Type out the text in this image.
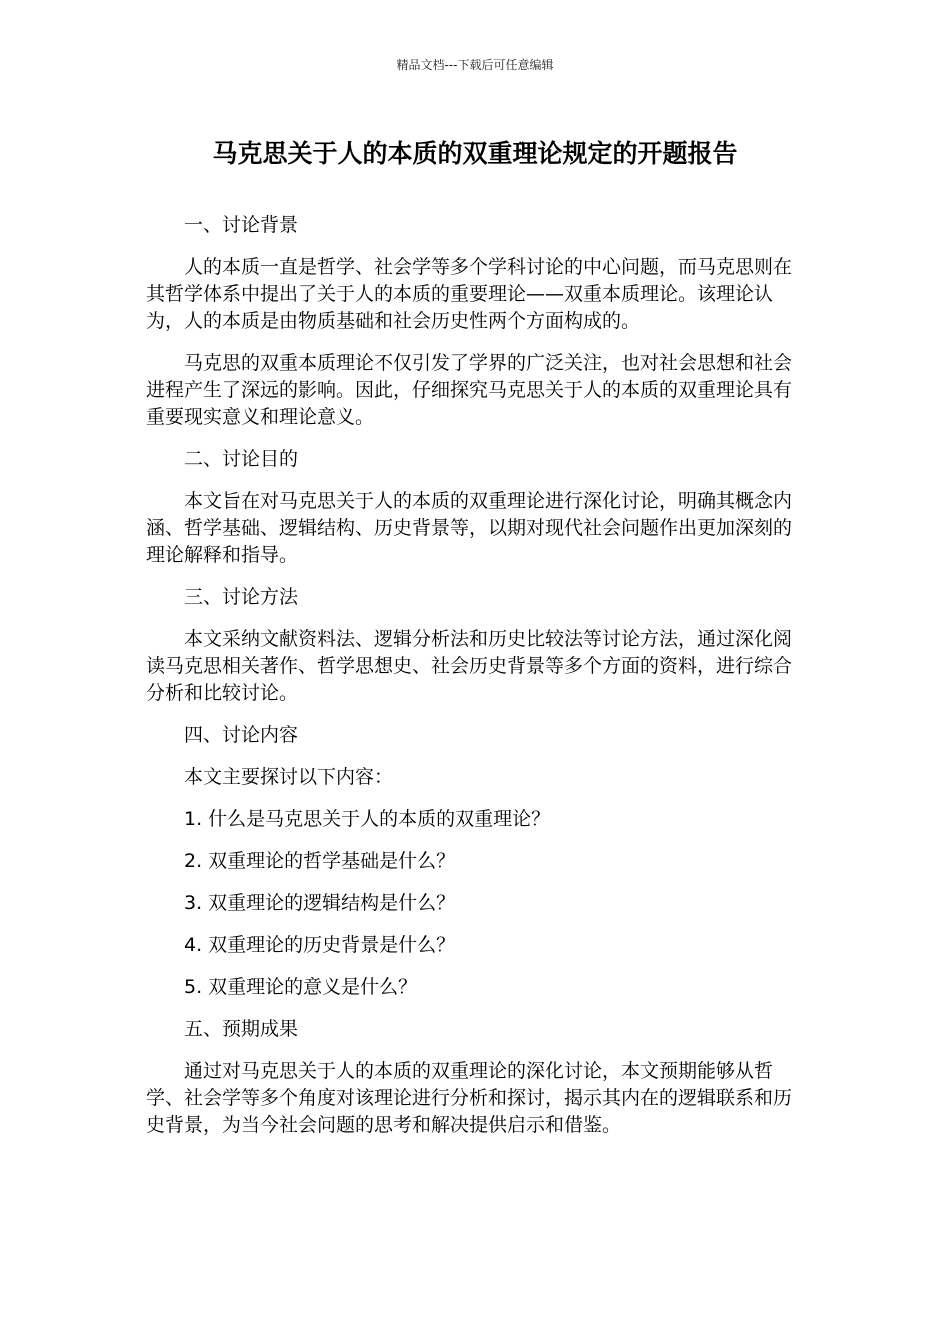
精品文档---下载后可任意编辑
马克思关于人的本质的双重理论规定的开题报告

一、讨论背景

人的本质一直是哲学、社会学等多个学科讨论的中心问题，而马克思则在其哲学体系中提出了关于人的本质的重要理论——双重本质理论。该理论认为，人的本质是由物质基础和社会历史性两个方面构成的。

马克思的双重本质理论不仅引发了学界的广泛关注，也对社会思想和社会进程产生了深远的影响。因此，仔细探究马克思关于人的本质的双重理论具有重要现实意义和理论意义。

二、讨论目的

本文旨在对马克思关于人的本质的双重理论进行深化讨论，明确其概念内涵、哲学基础、逻辑结构、历史背景等，以期对现代社会问题作出更加深刻的理论解释和指导。

三、讨论方法

本文采纳文献资料法、逻辑分析法和历史比较法等讨论方法，通过深化阅读马克思相关著作、哲学思想史、社会历史背景等多个方面的资料，进行综合分析和比较讨论。

四、讨论内容

本文主要探讨以下内容：

1. 什么是马克思关于人的本质的双重理论？

2. 双重理论的哲学基础是什么？

3. 双重理论的逻辑结构是什么？

4. 双重理论的历史背景是什么？

5. 双重理论的意义是什么？

五、预期成果

通过对马克思关于人的本质的双重理论的深化讨论，本文预期能够从哲学、社会学等多个角度对该理论进行分析和探讨，揭示其内在的逻辑联系和历史背景，为当今社会问题的思考和解决提供启示和借鉴。
